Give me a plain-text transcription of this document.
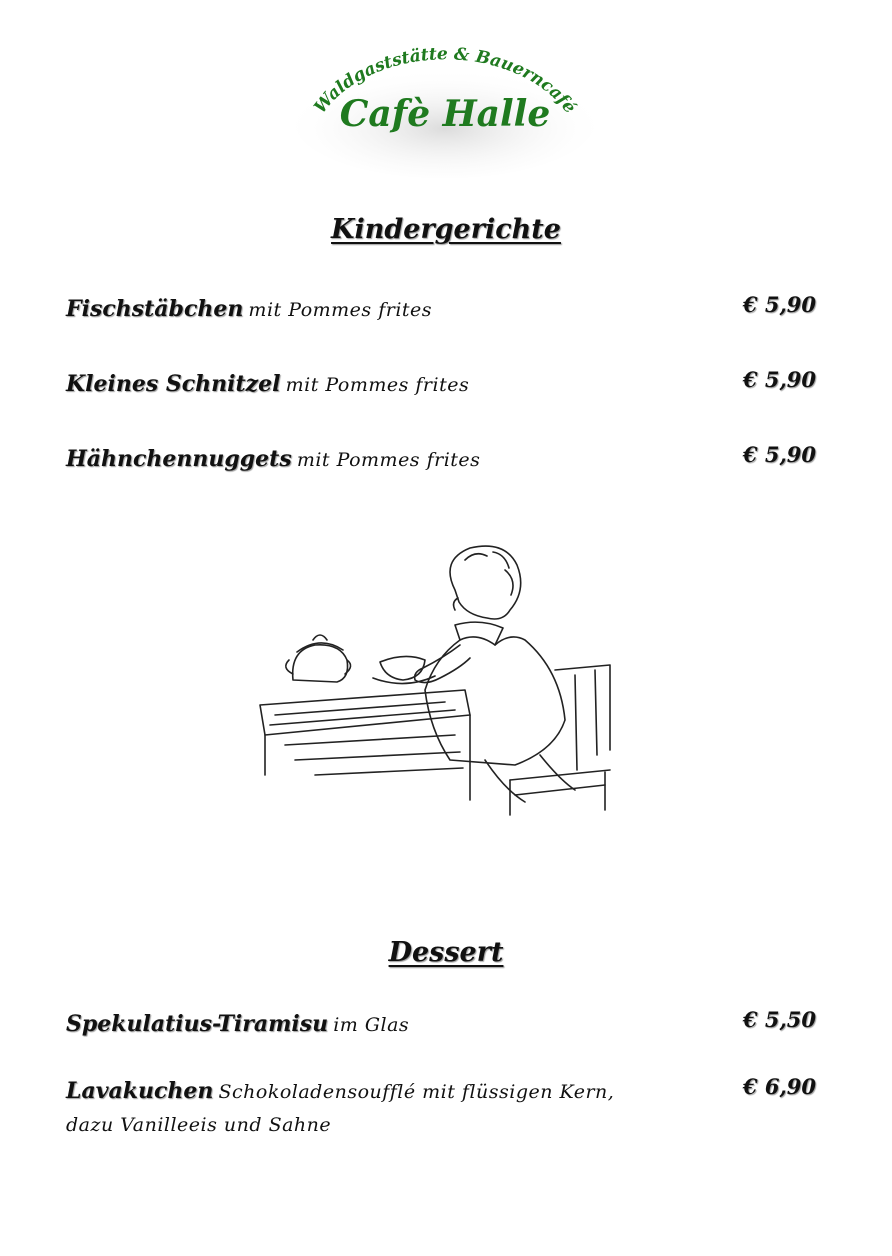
Waldgaststätte & Bauerncafé
Cafè Halle
Kindergerichte
Fischstäbchen mit Pommes frites	€ 5,90
Kleines Schnitzel mit Pommes frites	€ 5,90
Hähnchennuggets mit Pommes frites	€ 5,90
Dessert
Spekulatius-Tiramisu im Glas	€ 5,50
Lavakuchen Schokoladensoufflé mit flüssigen Kern,
dazu Vanilleeis und Sahne
€ 6,90
